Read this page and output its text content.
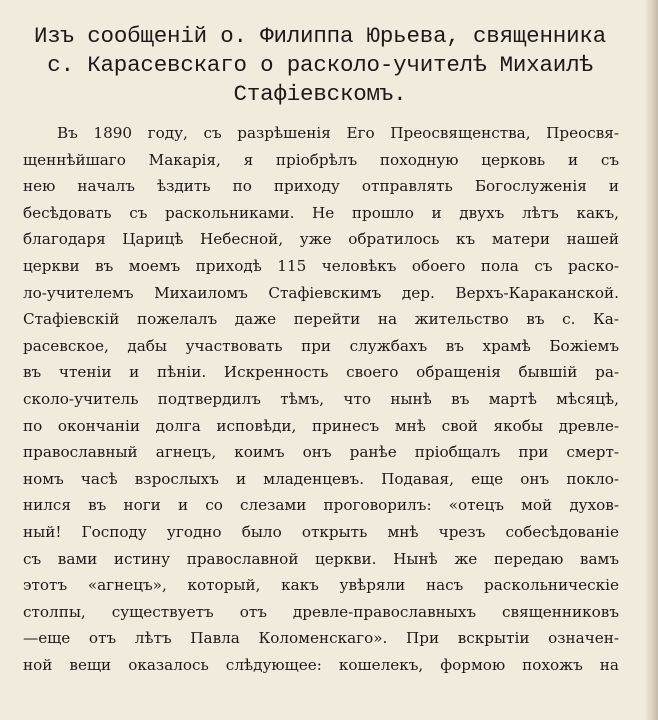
Изъ сообщеній о. Филиппа Юрьева, священника
с. Карасевскаго о расколо-учителѣ Михаилѣ
Стафіевскомъ.
Въ 1890 году, съ разрѣшенія Его Преосвященства, Преосвя-
щеннѣйшаго Макарія, я пріобрѣлъ походную церковь и съ
нею началъ ѣздить по приходу отправлять Богослуженія и
бесѣдовать съ раскольниками. Не прошло и двухъ лѣтъ какъ,
благодаря Царицѣ Небесной, уже обратилось къ матери нашей
церкви въ моемъ приходѣ 115 человѣкъ обоего пола съ раско-
ло-учителемъ Михаиломъ Стафіевскимъ дер. Верхъ-Караканской.
Стафіевскій пожелалъ даже перейти на жительство въ с. Ка-
расевское, дабы участвовать при службахъ въ храмѣ Божіемъ
въ чтеніи и пѣніи. Искренность своего обращенія бывшій ра-
сколо-учитель подтвердилъ тѣмъ, что нынѣ въ мартѣ мѣсяцѣ,
по окончаніи долга исповѣди, принесъ мнѣ свой якобы древле-
православный агнецъ, коимъ онъ ранѣе пріобщалъ при смерт-
номъ часѣ взрослыхъ и младенцевъ. Подавая, еще онъ покло-
нился въ ноги и со слезами проговорилъ: «отецъ мой духов-
ный! Господу угодно было открыть мнѣ чрезъ собесѣдованіе
съ вами истину православной церкви. Нынѣ же передаю вамъ
этотъ «агнецъ», который, какъ увѣряли насъ раскольническіе
столпы, существуетъ отъ древле-православныхъ священниковъ
—еще отъ лѣтъ Павла Коломенскаго». При вскрытіи означен-
ной вещи оказалось слѣдующее: кошелекъ, формою похожъ на
